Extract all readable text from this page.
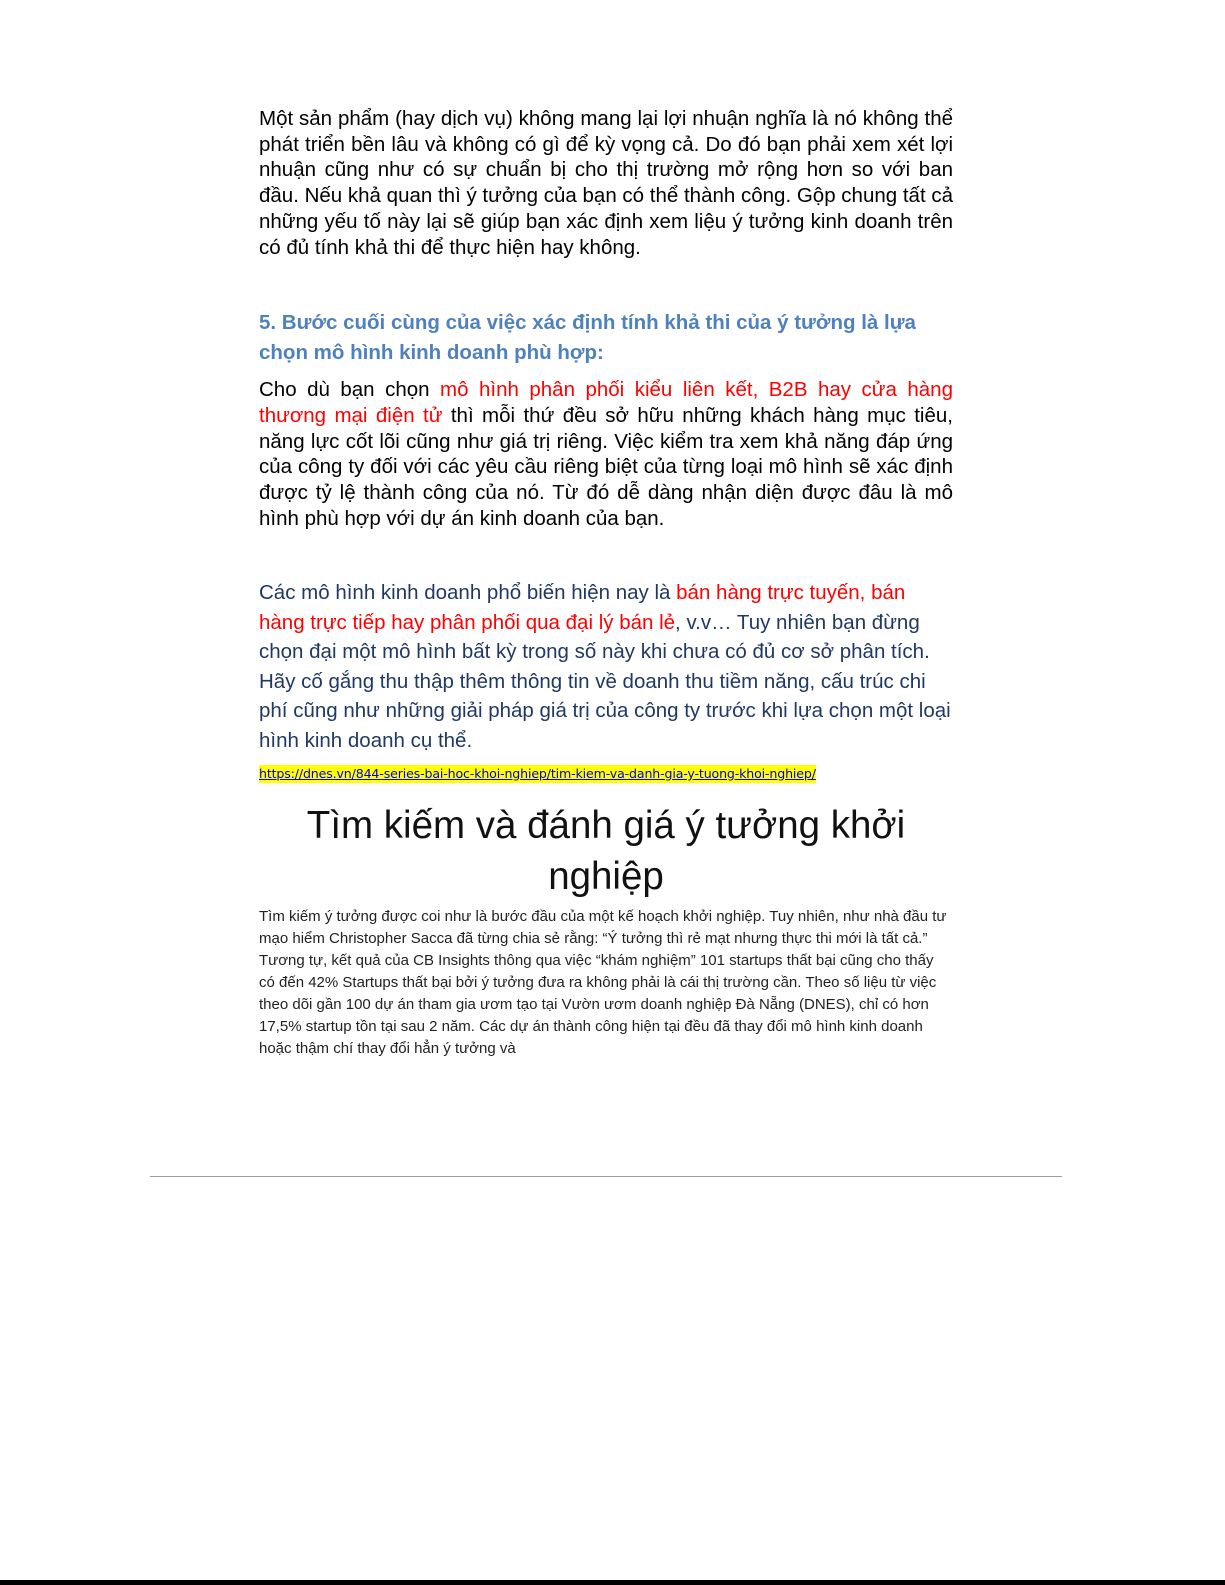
Một sản phẩm (hay dịch vụ) không mang lại lợi nhuận nghĩa là nó không thể phát triển bền lâu và không có gì để kỳ vọng cả. Do đó bạn phải xem xét lợi nhuận cũng như có sự chuẩn bị cho thị trường mở rộng hơn so với ban đầu. Nếu khả quan thì ý tưởng của bạn có thể thành công. Gộp chung tất cả những yếu tố này lại sẽ giúp bạn xác định xem liệu ý tưởng kinh doanh trên có đủ tính khả thi để thực hiện hay không.
5. Bước cuối cùng của việc xác định tính khả thi của ý tưởng là lựa chọn mô hình kinh doanh phù hợp:
Cho dù bạn chọn mô hình phân phối kiểu liên kết, B2B hay cửa hàng thương mại điện tử thì mỗi thứ đều sở hữu những khách hàng mục tiêu, năng lực cốt lõi cũng như giá trị riêng. Việc kiểm tra xem khả năng đáp ứng của công ty đối với các yêu cầu riêng biệt của từng loại mô hình sẽ xác định được tỷ lệ thành công của nó. Từ đó dễ dàng nhận diện được đâu là mô hình phù hợp với dự án kinh doanh của bạn.
Các mô hình kinh doanh phổ biến hiện nay là bán hàng trực tuyến, bán hàng trực tiếp hay phân phối qua đại lý bán lẻ, v.v… Tuy nhiên bạn đừng chọn đại một mô hình bất kỳ trong số này khi chưa có đủ cơ sở phân tích. Hãy cố gắng thu thập thêm thông tin về doanh thu tiềm năng, cấu trúc chi phí cũng như những giải pháp giá trị của công ty trước khi lựa chọn một loại hình kinh doanh cụ thể.
https://dnes.vn/844-series-bai-hoc-khoi-nghiep/tim-kiem-va-danh-gia-y-tuong-khoi-nghiep/
Tìm kiếm và đánh giá ý tưởng khởi nghiệp
Tìm kiếm ý tưởng được coi như là bước đầu của một kế hoạch khởi nghiệp. Tuy nhiên, như nhà đầu tư mạo hiểm Christopher Sacca đã từng chia sẻ rằng: “Ý tưởng thì rẻ mạt nhưng thực thi mới là tất cả.” Tương tự, kết quả của CB Insights thông qua việc “khám nghiệm” 101 startups thất bại cũng cho thấy có đến 42% Startups thất bại bởi ý tưởng đưa ra không phải là cái thị trường cần. Theo số liệu từ việc theo dõi gần 100 dự án tham gia ươm tạo tại Vườn ươm doanh nghiệp Đà Nẵng (DNES), chỉ có hơn 17,5% startup tồn tại sau 2 năm. Các dự án thành công hiện tại đều đã thay đổi mô hình kinh doanh hoặc thậm chí thay đổi hẳn ý tưởng và
